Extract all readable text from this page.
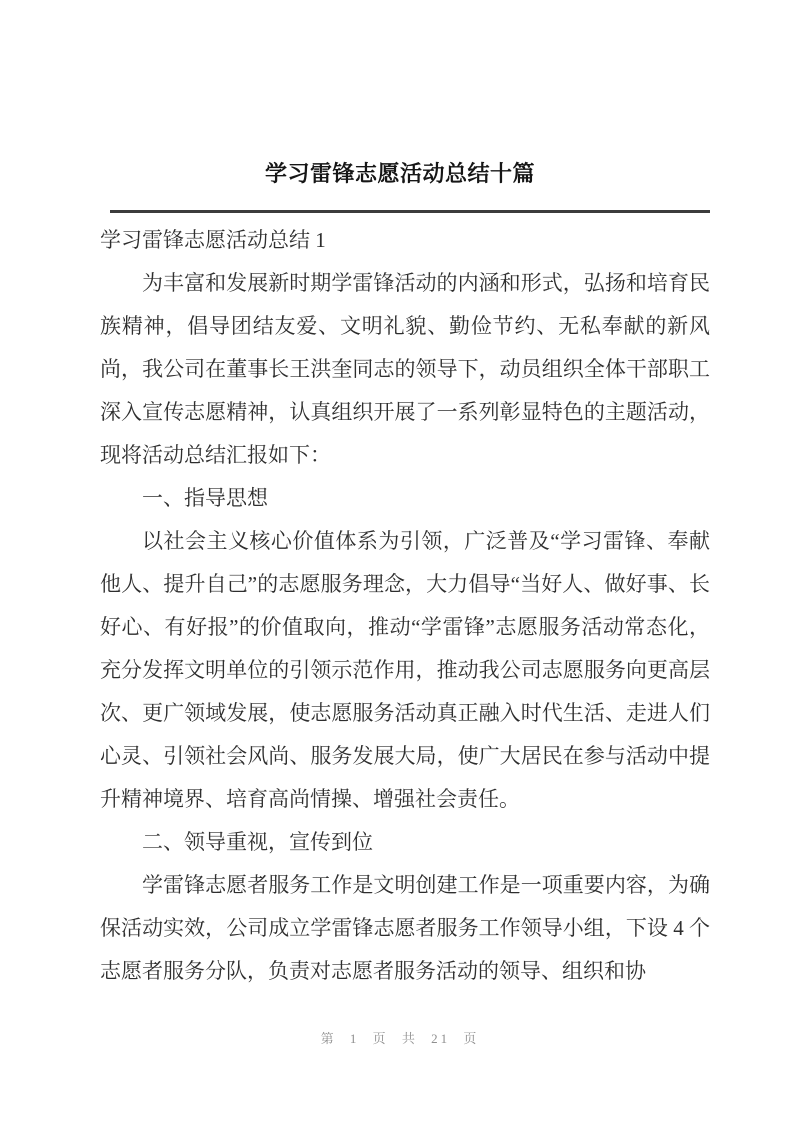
学习雷锋志愿活动总结十篇

学习雷锋志愿活动总结 1

为丰富和发展新时期学雷锋活动的内涵和形式，弘扬和培育民族精神，倡导团结友爱、文明礼貌、勤俭节约、无私奉献的新风尚，我公司在董事长王洪奎同志的领导下，动员组织全体干部职工深入宣传志愿精神，认真组织开展了一系列彰显特色的主题活动，现将活动总结汇报如下：

一、指导思想

以社会主义核心价值体系为引领，广泛普及“学习雷锋、奉献他人、提升自己”的志愿服务理念，大力倡导“当好人、做好事、长好心、有好报”的价值取向，推动“学雷锋”志愿服务活动常态化，充分发挥文明单位的引领示范作用，推动我公司志愿服务向更高层次、更广领域发展，使志愿服务活动真正融入时代生活、走进人们心灵、引领社会风尚、服务发展大局，使广大居民在参与活动中提升精神境界、培育高尚情操、增强社会责任。

二、领导重视，宣传到位

学雷锋志愿者服务工作是文明创建工作是一项重要内容，为确保活动实效，公司成立学雷锋志愿者服务工作领导小组，下设 4 个志愿者服务分队，负责对志愿者服务活动的领导、组织和协

第 1 页 共 21 页
